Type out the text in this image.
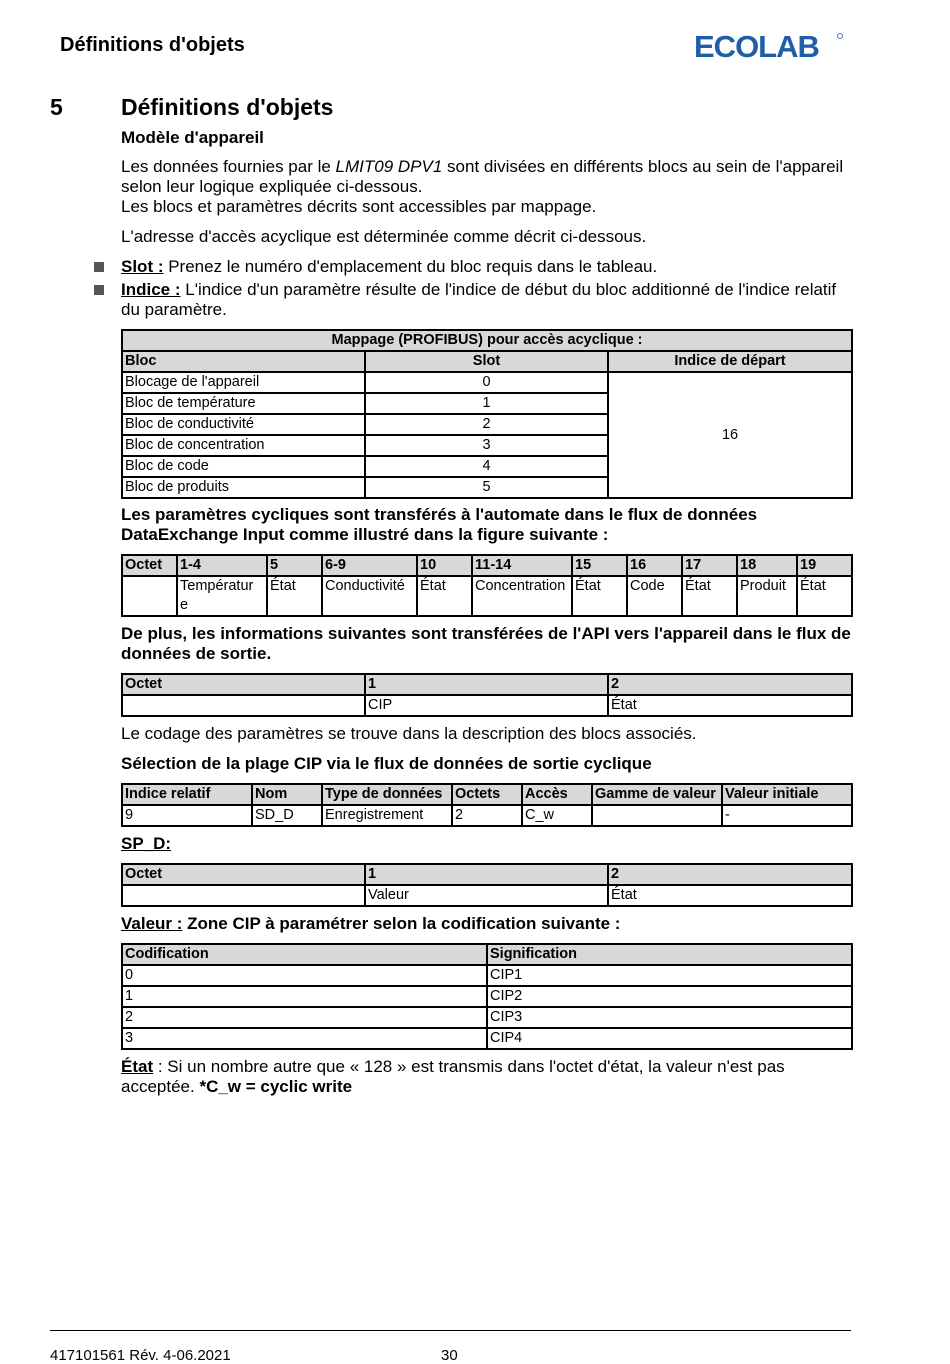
Définitions d'objets	ECOLAB
5	Définitions d'objets

Modèle d'appareil

Les données fournies par le LMIT09 DPV1 sont divisées en différents blocs au sein de l'appareil selon leur logique expliquée ci-dessous.
Les blocs et paramètres décrits sont accessibles par mappage.

L'adresse d'accès acyclique est déterminée comme décrit ci-dessous.

Slot : Prenez le numéro d'emplacement du bloc requis dans le tableau.
Indice : L'indice d'un paramètre résulte de l'indice de début du bloc additionné de l'indice relatif du paramètre.
Mappage (PROFIBUS) pour accès acyclique :		
Bloc	Slot	Indice de départ
Blocage de l'appareil	0	16
Bloc de température	1	
Bloc de conductivité	2	
Bloc de concentration	3	
Bloc de code	4	
Bloc de produits	5	

Les paramètres cycliques sont transférés à l'automate dans le flux de données DataExchange Input comme illustré dans la figure suivante :

Octet	1-4	5	6-9	10	11-14	15	16	17	18	19
	Températur e	État	Conductivité	État	Concentration	État	Code	État	Produit	État

De plus, les informations suivantes sont transférées de l'API vers l'appareil dans le flux de données de sortie.

Octet	1	2
	CIP	État

Le codage des paramètres se trouve dans la description des blocs associés.

Sélection de la plage CIP via le flux de données de sortie cyclique

Indice relatif	Nom	Type de données	Octets	Accès	Gamme de valeur	Valeur initiale
9	SD_D	Enregistrement	2	C_w		-

SP_D:

Octet	1	2
	Valeur	État

Valeur : Zone CIP à paramétrer selon la codification suivante :

Codification	Signification
0	CIP1
1	CIP2
2	CIP3
3	CIP4

État : Si un nombre autre que « 128 » est transmis dans l'octet d'état, la valeur n'est pas acceptée. *C_w = cyclic write

417101561 Rév. 4-06.2021	30
